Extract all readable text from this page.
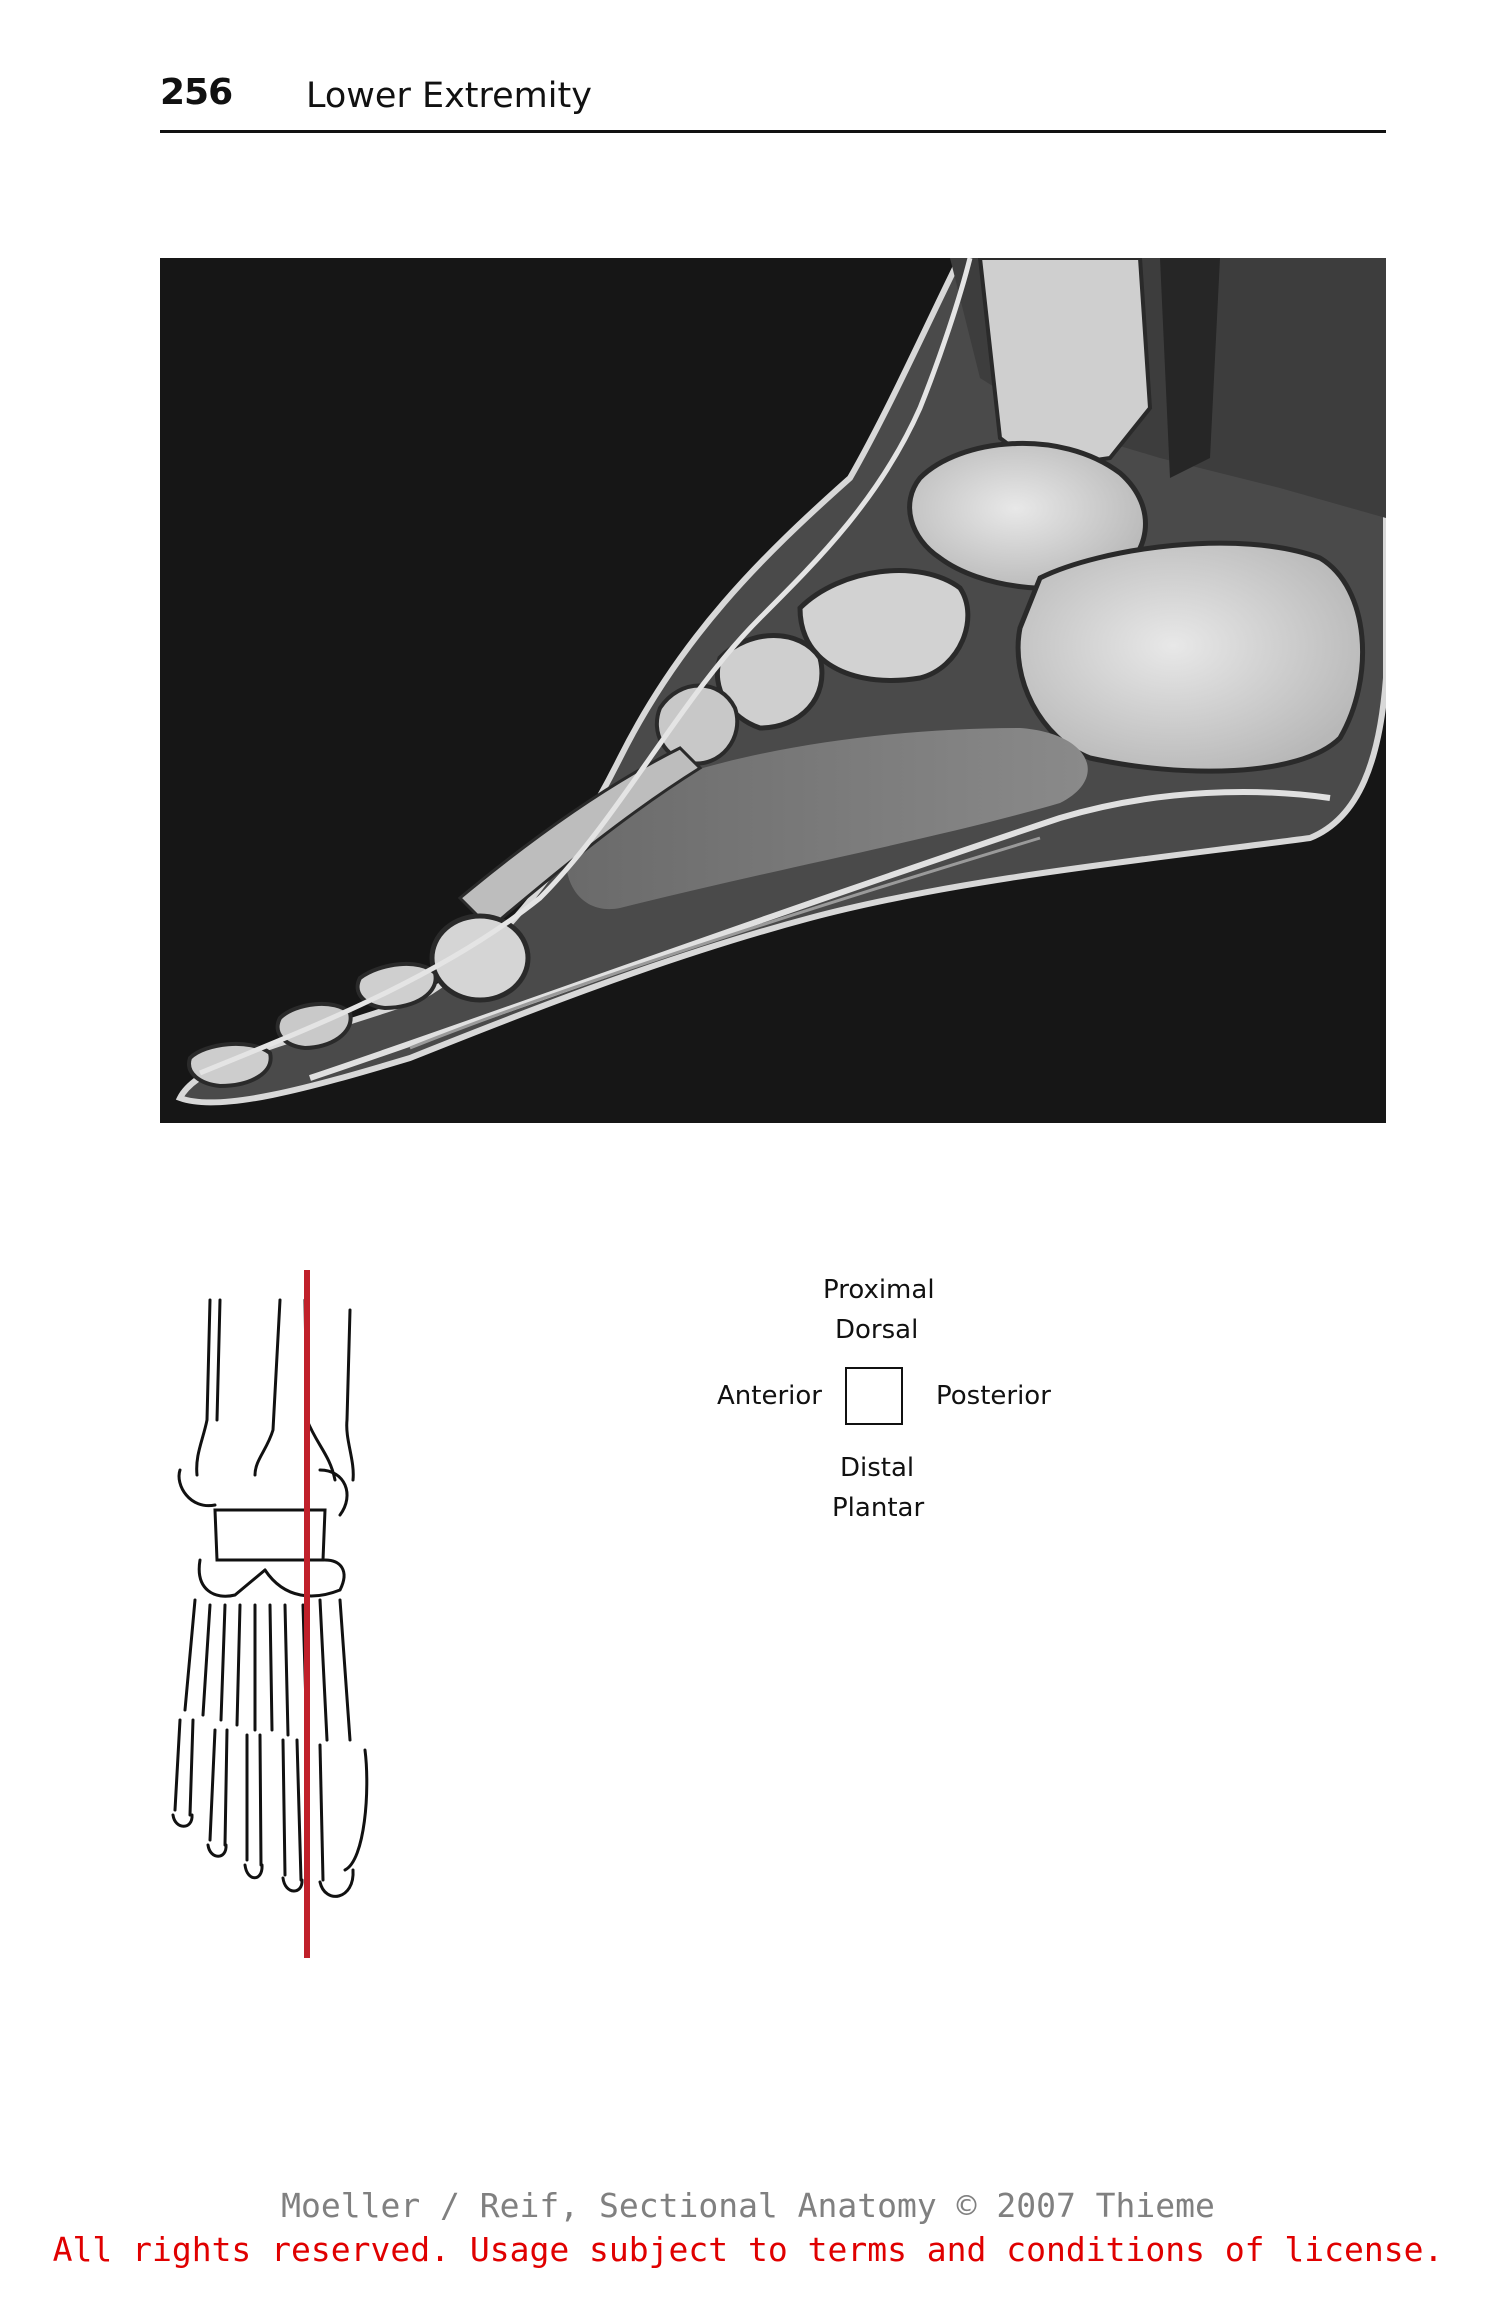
256 Lower Extremity
Proximal
Dorsal
Anterior	Posterior
Distal
Plantar
Moeller / Reif, Sectional Anatomy © 2007 Thieme
All rights reserved. Usage subject to terms and conditions of license.
